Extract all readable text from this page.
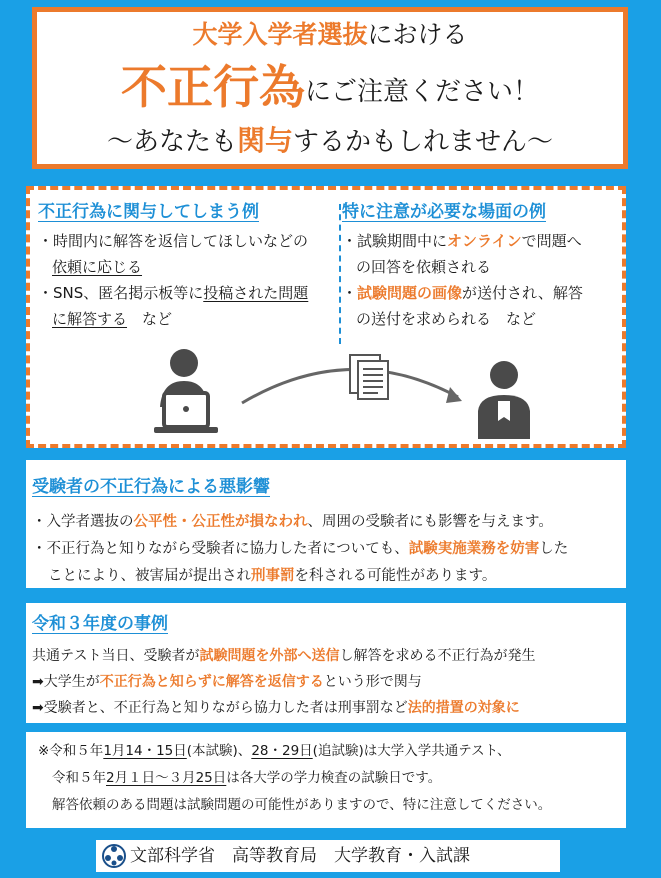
大学入学者選抜における
不正行為にご注意ください！
〜あなたも関与するかもしれません〜
不正行為に関与してしまう例

・時間内に解答を返信してほしいなどの

依頼に応じる

・SNS、匿名掲示板等に投稿された問題

に解答する　など

特に注意が必要な場面の例

・試験期間中にオンラインで問題へ

の回答を依頼される

・試験問題の画像が送付され、解答

の送付を求められる　など

受験者の不正行為による悪影響
・入学者選抜の公平性・公正性が損なわれ、周囲の受験者にも影響を与えます。
・不正行為と知りながら受験者に協力した者についても、試験実施業務を妨害した
ことにより、被害届が提出され刑事罰を科される可能性があります。
令和３年度の事例
共通テスト当日、受験者が試験問題を外部へ送信し解答を求める不正行為が発生
➡大学生が不正行為と知らずに解答を返信するという形で関与
➡受験者と、不正行為と知りながら協力した者は刑事罰など法的措置の対象に
※令和５年1月14・15日(本試験)、28・29日(追試験)は大学入学共通テスト、
令和５年2月１日〜３月25日は各大学の学力検査の試験日です。
解答依頼のある問題は試験問題の可能性がありますので、特に注意してください。
文部科学省　高等教育局　大学教育・入試課
